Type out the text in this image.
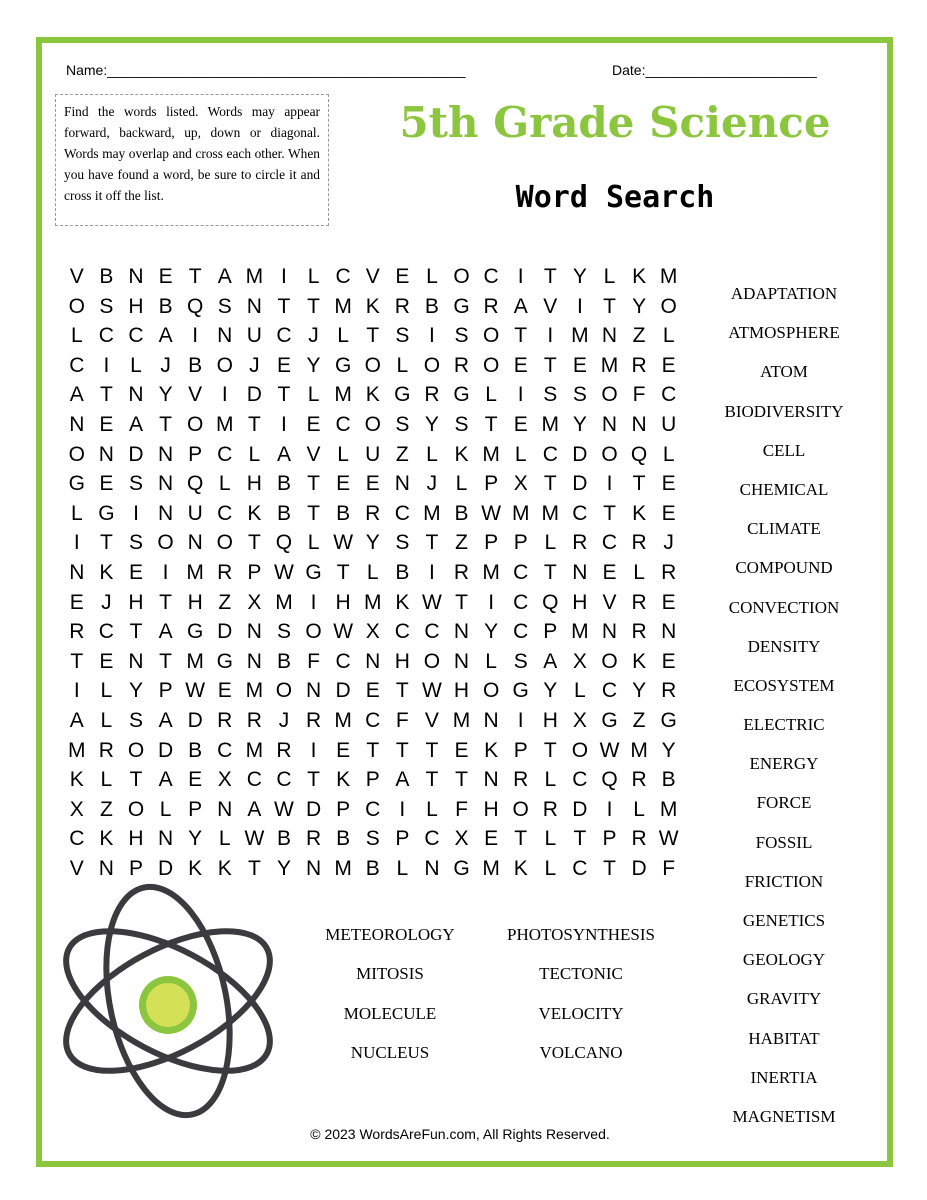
Name:______________________________________________	Date:______________________
Find the words listed. Words may appear forward, backward, up, down or diagonal. Words may overlap and cross each other. When you have found a word, be sure to circle it and cross it off the list.
5th Grade Science
Word Search
V B N E T A M I L C V E L O C I T Y L K M
O S H B Q S N T T M K R B G R A V I T Y O
L C C A I N U C J L T S I S O T I M N Z L
C I L J B O J E Y G O L O R O E T E M R E
A T N Y V I D T L M K G R G L I S S O F C
N E A T O M T I E C O S Y S T E M Y N N U
O N D N P C L A V L U Z L K M L C D O Q L
G E S N Q L H B T E E N J L P X T D I T E
L G I N U C K B T B R C M B W M M C T K E
I T S O N O T Q L W Y S T Z P P L R C R J
N K E I M R P W G T L B I R M C T N E L R
E J H T H Z X M I H M K W T I C Q H V R E
R C T A G D N S O W X C C N Y C P M N R N
T E N T M G N B F C N H O N L S A X O K E
I L Y P W E M O N D E T W H O G Y L C Y R
A L S A D R R J R M C F V M N I H X G Z G
M R O D B C M R I E T T T E K P T O W M Y
K L T A E X C C T K P A T T N R L C Q R B
X Z O L P N A W D P C I L F H O R D I L M
C K H N Y L W B R B S P C X E T L T P R W
V N P D K K T Y N M B L N G M K L C T D F
ADAPTATION
ATMOSPHERE
ATOM
BIODIVERSITY
CELL
CHEMICAL
CLIMATE
COMPOUND
CONVECTION
DENSITY
ECOSYSTEM
ELECTRIC
ENERGY
FORCE
FOSSIL
FRICTION
GENETICS
GEOLOGY
GRAVITY
HABITAT
INERTIA
MAGNETISM
METEOROLOGY
MITOSIS
MOLECULE
NUCLEUS
PHOTOSYNTHESIS
TECTONIC
VELOCITY
VOLCANO
© 2023 WordsAreFun.com, All Rights Reserved.
